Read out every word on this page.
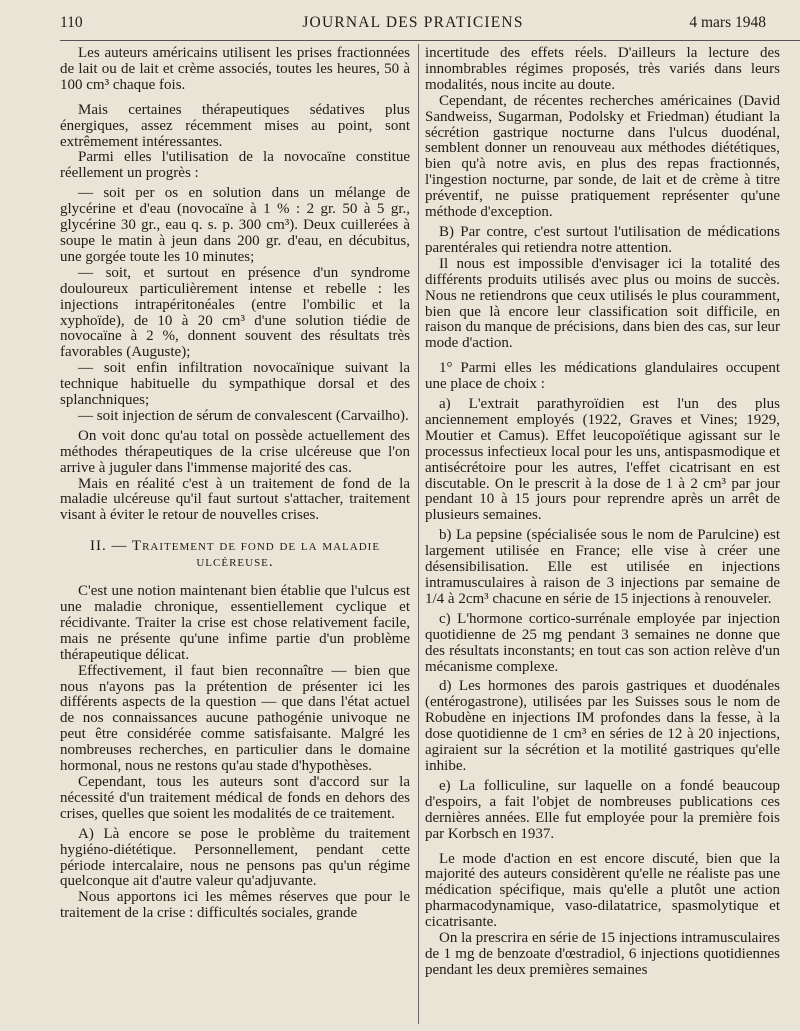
110	JOURNAL DES PRATICIENS	4 mars 1948

Les auteurs américains utilisent les prises fractionnées de lait ou de lait et crème associés, toutes les heures, 50 à 100 cm³ chaque fois.

Mais certaines thérapeutiques sédatives plus énergiques, assez récemment mises au point, sont extrêmement intéressantes.

Parmi elles l'utilisation de la novocaïne constitue réellement un progrès :

— soit per os en solution dans un mélange de glycérine et d'eau (novocaïne à 1 % : 2 gr. 50 à 5 gr., glycérine 30 gr., eau q. s. p. 300 cm³). Deux cuillerées à soupe le matin à jeun dans 200 gr. d'eau, en décubitus, une gorgée toute les 10 minutes;

— soit, et surtout en présence d'un syndrome douloureux particulièrement intense et rebelle : les injections intrapéritonéales (entre l'ombilic et la xyphoïde), de 10 à 20 cm³ d'une solution tiédie de novocaïne à 2 %, donnent souvent des résultats très favorables (Auguste);

— soit enfin infiltration novocaïnique suivant la technique habituelle du sympathique dorsal et des splanchniques;

— soit injection de sérum de convalescent (Carvailho).

On voit donc qu'au total on possède actuellement des méthodes thérapeutiques de la crise ulcéreuse que l'on arrive à juguler dans l'immense majorité des cas.

Mais en réalité c'est à un traitement de fond de la maladie ulcéreuse qu'il faut surtout s'attacher, traitement visant à éviter le retour de nouvelles crises.

II. — Traitement de fond de la maladie ulcéreuse.

C'est une notion maintenant bien établie que l'ulcus est une maladie chronique, essentiellement cyclique et récidivante. Traiter la crise est chose relativement facile, mais ne présente qu'une infime partie d'un problème thérapeutique délicat.

Effectivement, il faut bien reconnaître — bien que nous n'ayons pas la prétention de présenter ici les différents aspects de la question — que dans l'état actuel de nos connaissances aucune pathogénie univoque ne peut être considérée comme satisfaisante. Malgré les nombreuses recherches, en particulier dans le domaine hormonal, nous ne restons qu'au stade d'hypothèses.

Cependant, tous les auteurs sont d'accord sur la nécessité d'un traitement médical de fonds en dehors des crises, quelles que soient les modalités de ce traitement.

A) Là encore se pose le problème du traitement hygiéno-diététique. Personnellement, pendant cette période intercalaire, nous ne pensons pas qu'un régime quelconque ait d'autre valeur qu'adjuvante.

Nous apportons ici les mêmes réserves que pour le traitement de la crise : difficultés sociales, grande

incertitude des effets réels. D'ailleurs la lecture des innombrables régimes proposés, très variés dans leurs modalités, nous incite au doute.

Cependant, de récentes recherches américaines (David Sandweiss, Sugarman, Podolsky et Friedman) étudiant la sécrétion gastrique nocturne dans l'ulcus duodénal, semblent donner un renouveau aux méthodes diététiques, bien qu'à notre avis, en plus des repas fractionnés, l'ingestion nocturne, par sonde, de lait et de crème à titre préventif, ne puisse pratiquement représenter qu'une méthode d'exception.

B) Par contre, c'est surtout l'utilisation de médications parentérales qui retiendra notre attention.

Il nous est impossible d'envisager ici la totalité des différents produits utilisés avec plus ou moins de succès. Nous ne retiendrons que ceux utilisés le plus couramment, bien que là encore leur classification soit difficile, en raison du manque de précisions, dans bien des cas, sur leur mode d'action.

1° Parmi elles les médications glandulaires occupent une place de choix :

a) L'extrait parathyroïdien est l'un des plus anciennement employés (1922, Graves et Vines; 1929, Moutier et Camus). Effet leucopoïétique agissant sur le processus infectieux local pour les uns, antispasmodique et antisécrétoire pour les autres, l'effet cicatrisant en est discutable. On le prescrit à la dose de 1 à 2 cm³ par jour pendant 10 à 15 jours pour reprendre après un arrêt de plusieurs semaines.

b) La pepsine (spécialisée sous le nom de Parulcine) est largement utilisée en France; elle vise à créer une désensibilisation. Elle est utilisée en injections intramusculaires à raison de 3 injections par semaine de 1/4 à 2cm³ chacune en série de 15 injections à renouveler.

c) L'hormone cortico-surrénale employée par injection quotidienne de 25 mg pendant 3 semaines ne donne que des résultats inconstants; en tout cas son action relève d'un mécanisme complexe.

d) Les hormones des parois gastriques et duodénales (entérogastrone), utilisées par les Suisses sous le nom de Robudène en injections IM profondes dans la fesse, à la dose quotidienne de 1 cm³ en séries de 12 à 20 injections, agiraient sur la sécrétion et la motilité gastriques qu'elle inhibe.

e) La folliculine, sur laquelle on a fondé beaucoup d'espoirs, a fait l'objet de nombreuses publications ces dernières années. Elle fut employée pour la première fois par Korbsch en 1937.

Le mode d'action en est encore discuté, bien que la majorité des auteurs considèrent qu'elle ne réaliste pas une médication spécifique, mais qu'elle a plutôt une action pharmacodynamique, vaso-dilatatrice, spasmolytique et cicatrisante.

On la prescrira en série de 15 injections intramusculaires de 1 mg de benzoate d'œstradiol, 6 injections quotidiennes pendant les deux premières semaines
